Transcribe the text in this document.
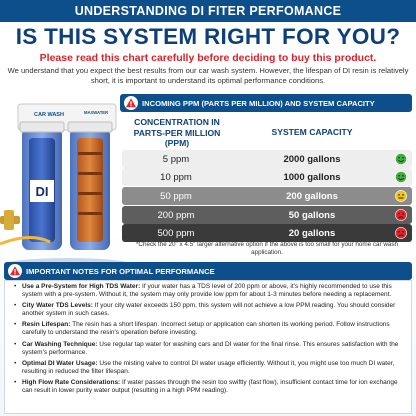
UNDERSTANDING DI FITER PERFOMANCE
IS THIS SYSTEM RIGHT FOR YOU?
Please read this chart carefully before deciding to buy this product.
We understand that you expect the best results from our car wash system. However, the lifespan of DI resin is relatively short, it is important to understand its optimal performance conditions.
DI
CAR WASH	MAXWATER
INCOMING PPM (PARTS PER MILLION) AND SYSTEM CAPACITY
CONCENTRATION IN PARTS-PER MILLION (PPM)
SYSTEM CAPACITY
5 ppm	2000 gallons
10 ppm	1000 gallons
50 ppm	200 gallons
200 ppm	50 gallons
500 ppm	20 gallons
*Check the 20" x 4.5" larger alternative option if the above is too small for your home car wash application.
IMPORTANT NOTES FOR OPTIMAL PERFORMANCE
• Use a Pre-System for High TDS Water: If your water has a TDS level of 200 ppm or above, it's highly recommended to use this system with a pre-system. Without it, the system may only provide low ppm for about 1-3 minutes before needing a replacement.
• City Water TDS Levels: If your city water exceeds 150 ppm, this system will not achieve a low PPM reading. You should consider another system in such cases.
• Resin Lifespan: The resin has a short lifespan. Incorrect setup or application can shorten its working period. Follow instructions carefully to understand the resin's operation before investing.
• Car Washing Technique: Use regular tap water for washing cars and DI water for the final rinse. This ensures satisfaction with the system's performance.
• Optimal DI Water Usage: Use the misting valve to control DI water usage efficiently. Without it, you might use too much DI water, resulting in reduced the filter lifespan.
• High Flow Rate Considerations: If water passes through the resin too swiftly (fast flow), insufficient contact time for ion exchange can result in lower purity water output (resulting in a high PPM reading).
